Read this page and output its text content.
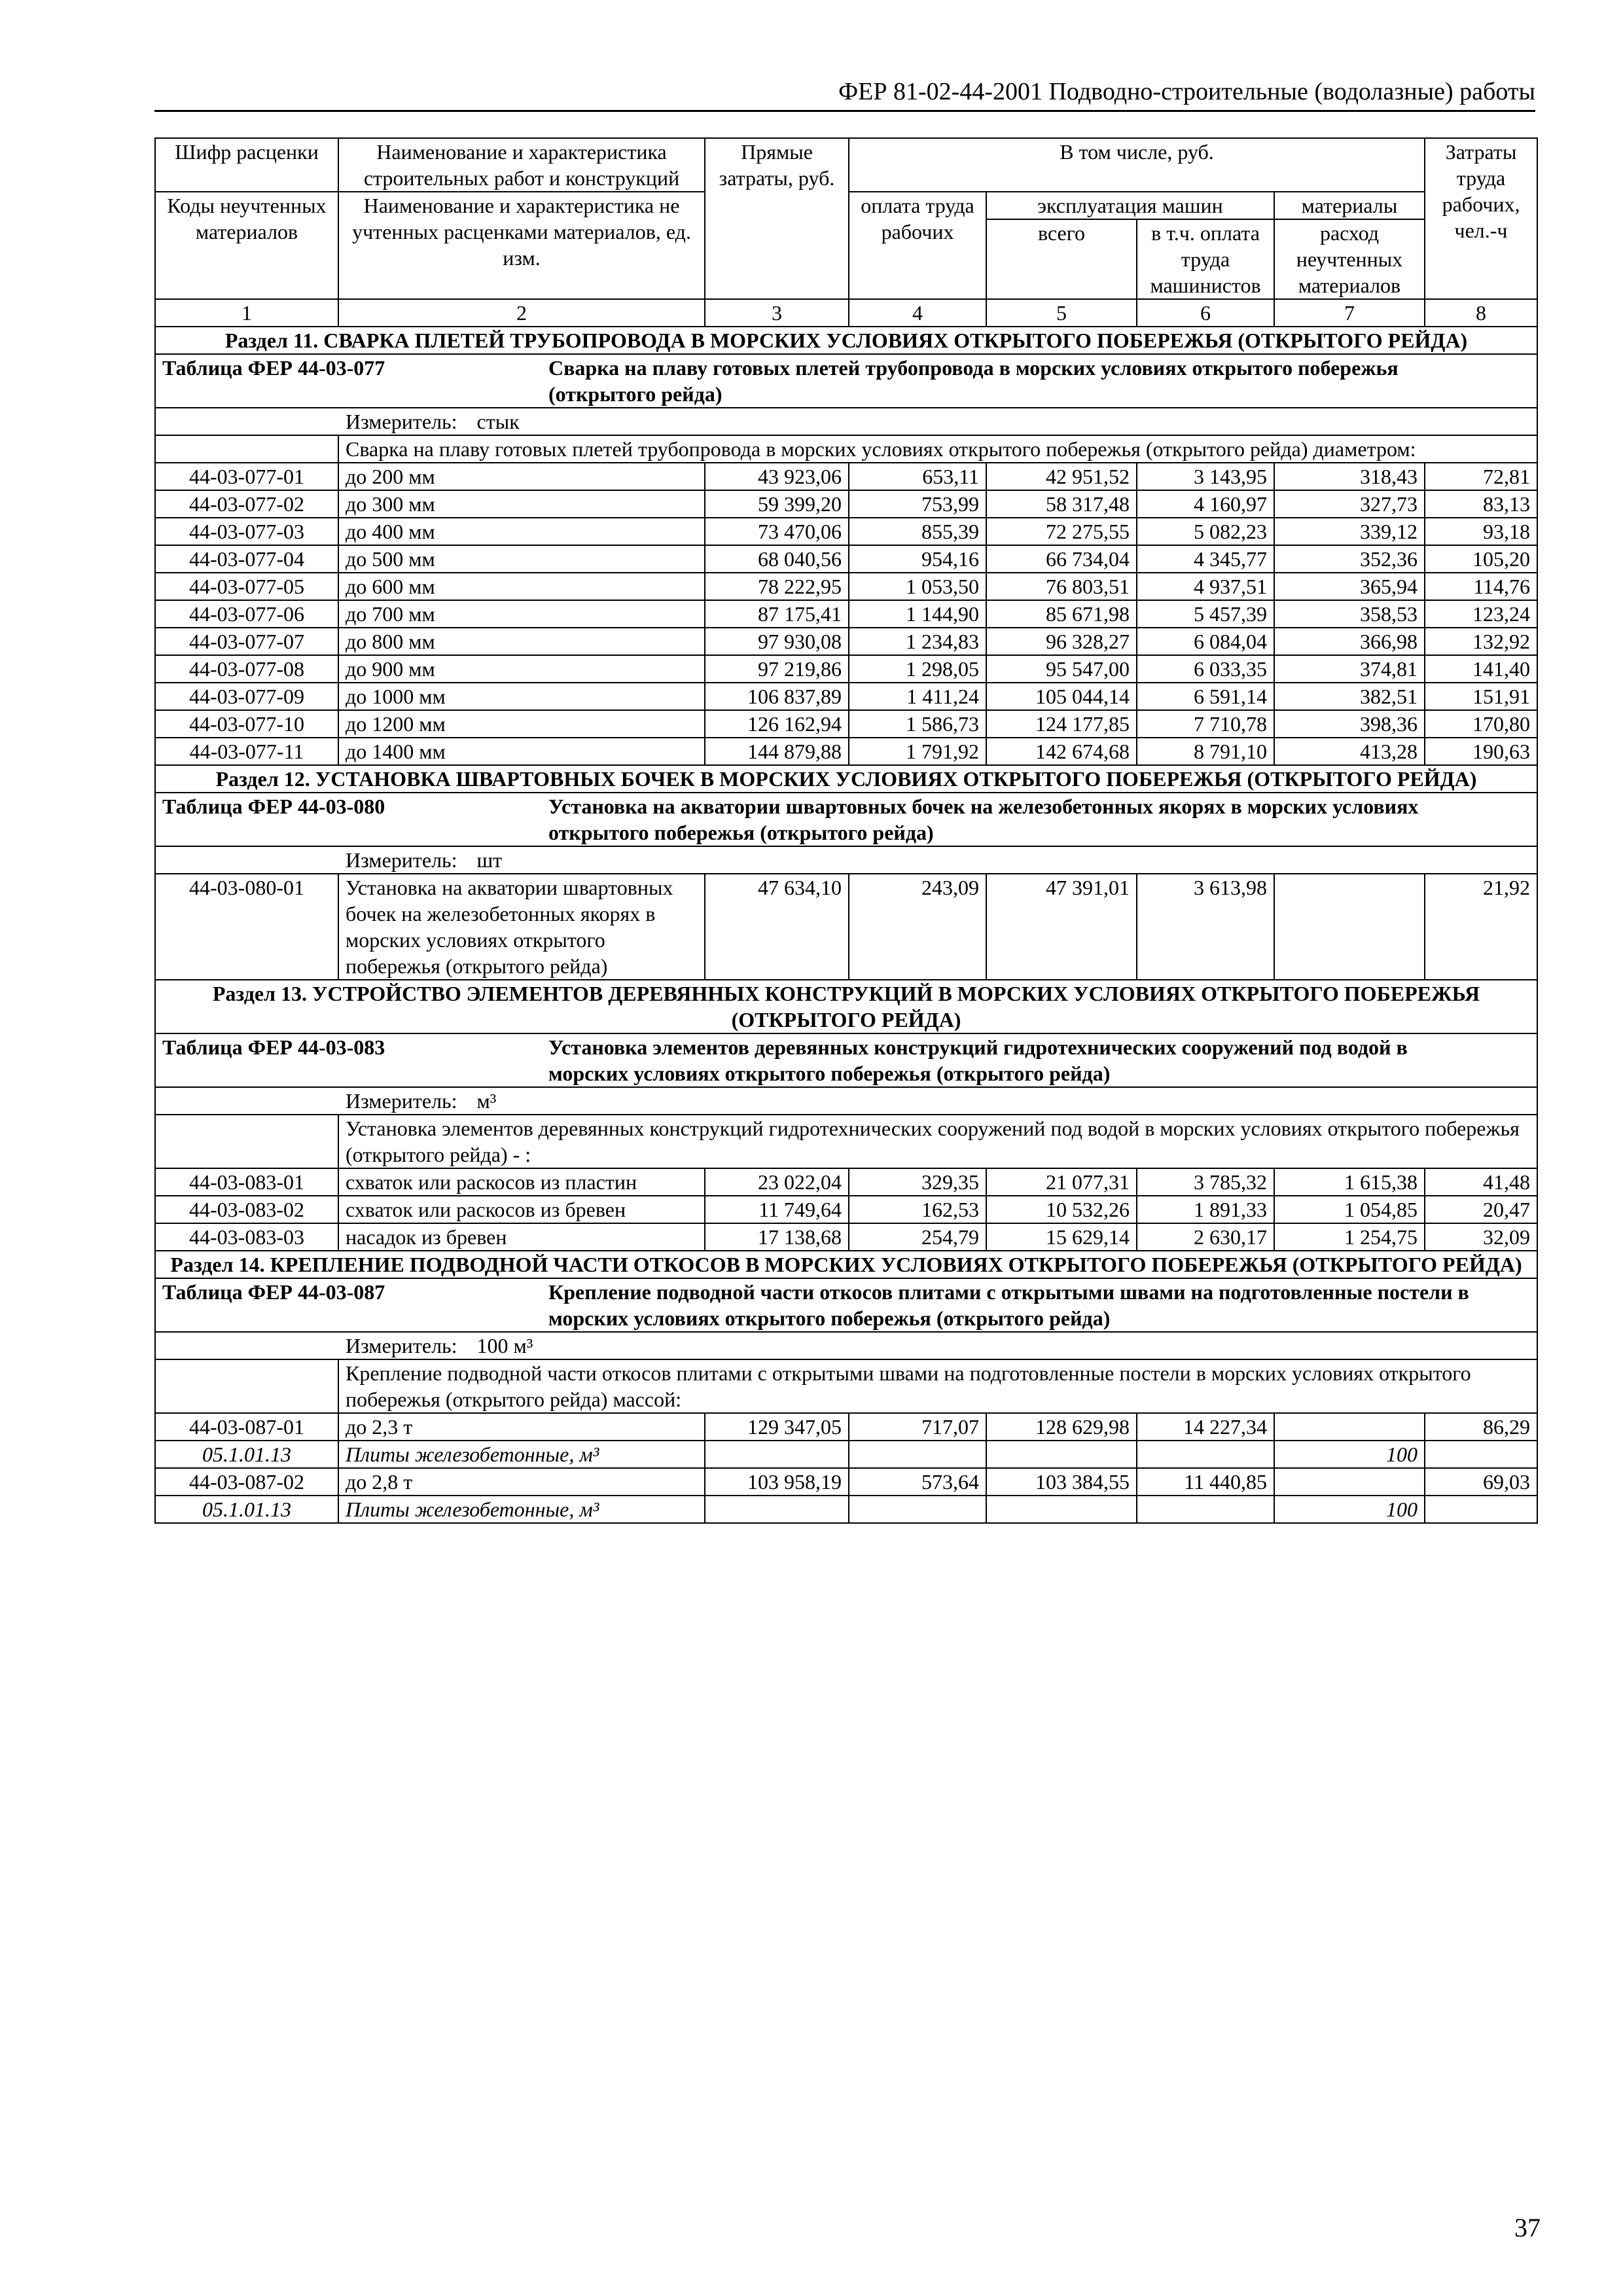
ФЕР 81-02-44-2001 Подводно-строительные (водолазные) работы
Шифр расценки	Наименование и характеристика строительных работ и конструкций	Прямые затраты, руб.	В том числе, руб.				Затраты труда рабочих, чел.-ч
Коды неучтенных материалов	Наименование и характеристика не учтенных расценками материалов, ед. изм.		оплата труда рабочих	эксплуатация машин		материалы	
				всего	в т.ч. оплата труда машинистов	расход неучтенных материалов	
1	2	3	4	5	6	7	8
Раздел 11. СВАРКА ПЛЕТЕЙ ТРУБОПРОВОДА В МОРСКИХ УСЛОВИЯХ ОТКРЫТОГО ПОБЕРЕЖЬЯ (ОТКРЫТОГО РЕЙДА)							
Таблица ФЕР 44-03-077 Сварка на плаву готовых плетей трубопровода в морских условиях открытого побережья (открытого рейда)							
Измеритель: стык							
	Сварка на плаву готовых плетей трубопровода в морских условиях открытого побережья (открытого рейда) диаметром:						
44-03-077-01	до 200 мм	43 923,06	653,11	42 951,52	3 143,95	318,43	72,81
44-03-077-02	до 300 мм	59 399,20	753,99	58 317,48	4 160,97	327,73	83,13
44-03-077-03	до 400 мм	73 470,06	855,39	72 275,55	5 082,23	339,12	93,18
44-03-077-04	до 500 мм	68 040,56	954,16	66 734,04	4 345,77	352,36	105,20
44-03-077-05	до 600 мм	78 222,95	1 053,50	76 803,51	4 937,51	365,94	114,76
44-03-077-06	до 700 мм	87 175,41	1 144,90	85 671,98	5 457,39	358,53	123,24
44-03-077-07	до 800 мм	97 930,08	1 234,83	96 328,27	6 084,04	366,98	132,92
44-03-077-08	до 900 мм	97 219,86	1 298,05	95 547,00	6 033,35	374,81	141,40
44-03-077-09	до 1000 мм	106 837,89	1 411,24	105 044,14	6 591,14	382,51	151,91
44-03-077-10	до 1200 мм	126 162,94	1 586,73	124 177,85	7 710,78	398,36	170,80
44-03-077-11	до 1400 мм	144 879,88	1 791,92	142 674,68	8 791,10	413,28	190,63
Раздел 12. УСТАНОВКА ШВАРТОВНЫХ БОЧЕК В МОРСКИХ УСЛОВИЯХ ОТКРЫТОГО ПОБЕРЕЖЬЯ (ОТКРЫТОГО РЕЙДА)							
Таблица ФЕР 44-03-080 Установка на акватории швартовных бочек на железобетонных якорях в морских условиях открытого побережья (открытого рейда)							
Измеритель: шт							
44-03-080-01	Установка на акватории швартовных бочек на железобетонных якорях в морских условиях открытого побережья (открытого рейда)	47 634,10	243,09	47 391,01	3 613,98		21,92
Раздел 13. УСТРОЙСТВО ЭЛЕМЕНТОВ ДЕРЕВЯННЫХ КОНСТРУКЦИЙ В МОРСКИХ УСЛОВИЯХ ОТКРЫТОГО ПОБЕРЕЖЬЯ (ОТКРЫТОГО РЕЙДА)							
Таблица ФЕР 44-03-083 Установка элементов деревянных конструкций гидротехнических сооружений под водой в морских условиях открытого побережья (открытого рейда)							
Измеритель: м³							
	Установка элементов деревянных конструкций гидротехнических сооружений под водой в морских условиях открытого побережья (открытого рейда) - :						
44-03-083-01	схваток или раскосов из пластин	23 022,04	329,35	21 077,31	3 785,32	1 615,38	41,48
44-03-083-02	схваток или раскосов из бревен	11 749,64	162,53	10 532,26	1 891,33	1 054,85	20,47
44-03-083-03	насадок из бревен	17 138,68	254,79	15 629,14	2 630,17	1 254,75	32,09
Раздел 14. КРЕПЛЕНИЕ ПОДВОДНОЙ ЧАСТИ ОТКОСОВ В МОРСКИХ УСЛОВИЯХ ОТКРЫТОГО ПОБЕРЕЖЬЯ (ОТКРЫТОГО РЕЙДА)							
Таблица ФЕР 44-03-087 Крепление подводной части откосов плитами с открытыми швами на подготовленные постели в морских условиях открытого побережья (открытого рейда)							
Измеритель: 100 м³							
	Крепление подводной части откосов плитами с открытыми швами на подготовленные постели в морских условиях открытого побережья (открытого рейда) массой:						
44-03-087-01	до 2,3 т	129 347,05	717,07	128 629,98	14 227,34		86,29
05.1.01.13	Плиты железобетонные, м³					100	
44-03-087-02	до 2,8 т	103 958,19	573,64	103 384,55	11 440,85		69,03
05.1.01.13	Плиты железобетонные, м³					100	
37
